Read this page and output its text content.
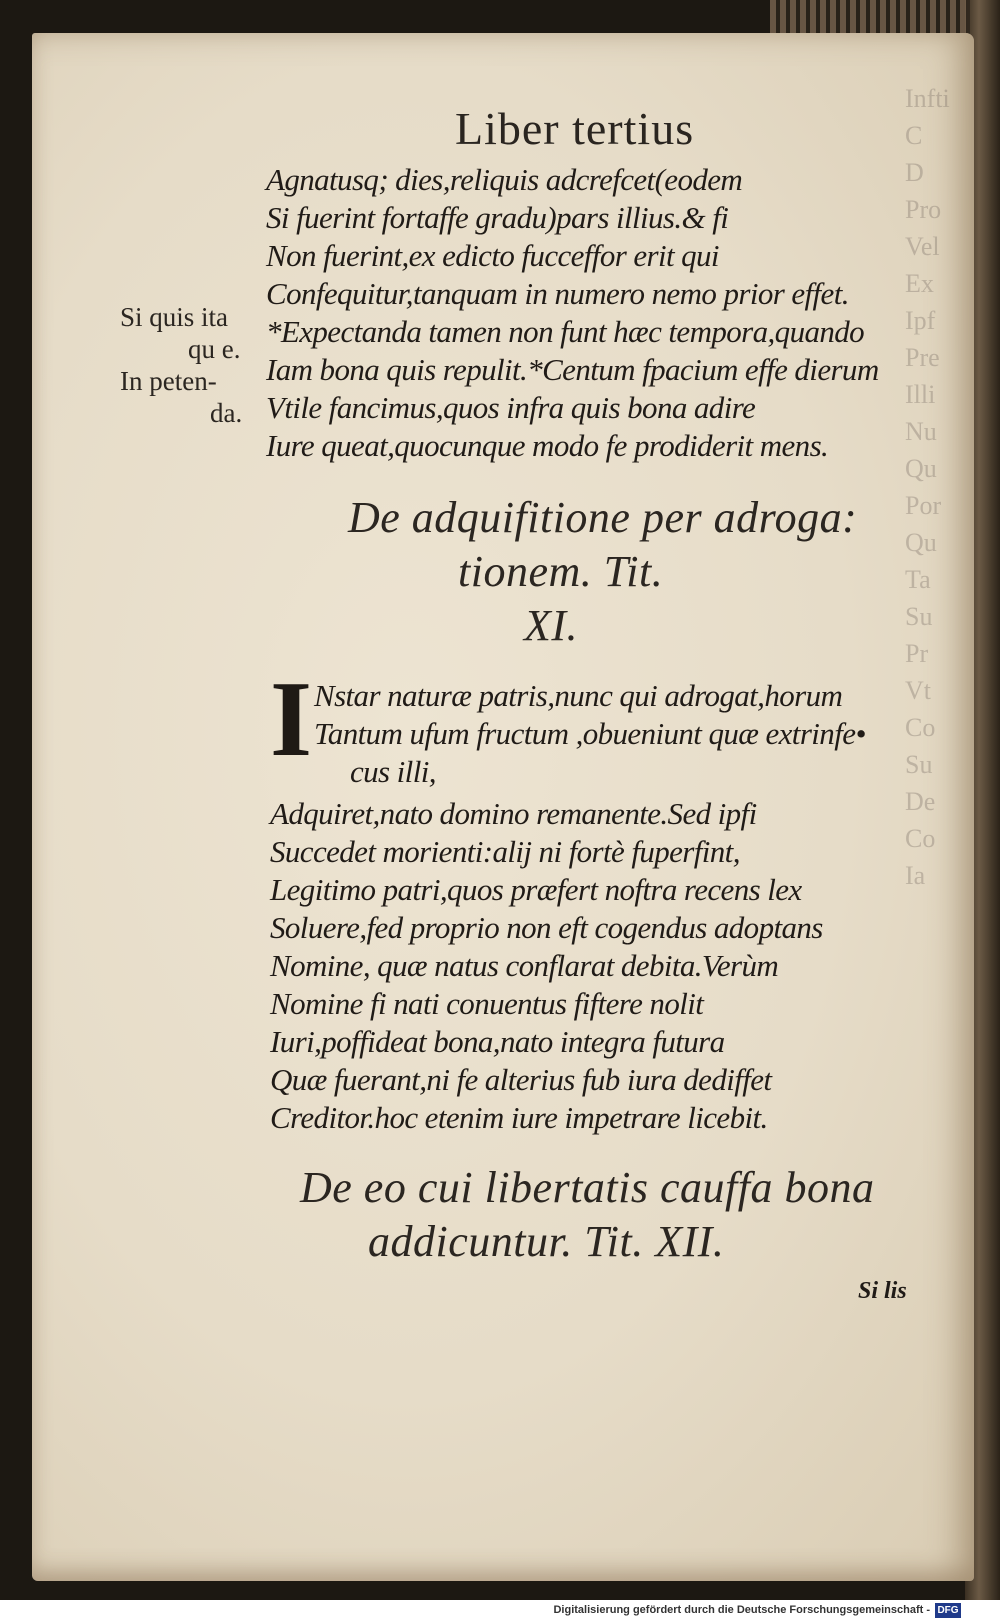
Infti
C
D
Pro
Vel
Ex
Ipf
Pre
Illi
Nu
Qu
Por
Qu
Ta
Su
Pr
Vt
Co
Su
De
Co
Ia
Liber tertius
Agnatusq; dies,reliquis adcrefcet(eodem
Si fuerint fortaffe gradu)pars illius.& fi
Non fuerint,ex edicto fucceffor erit qui
Confequitur,tanquam in numero nemo prior effet.
*Expectanda tamen non funt hæc tempora,quando
Iam bona quis repulit.*Centum fpacium effe dierum
Vtile fancimus,quos infra quis bona adire
Iure queat,quocunque modo fe prodiderit mens.
Si quis ita
qu e.
In peten-
da.
De adquifitione per adroga:
tionem. Tit.
XI.
I Nstar naturæ patris,nunc qui adrogat,horum
Tantum ufum fructum ,obueniunt quæ extrinfe•
cus illi,
Adquiret,nato domino remanente.Sed ipfi
Succedet morienti:alij ni fortè fuperfint,
Legitimo patri,quos præfert noftra recens lex
Soluere,fed proprio non eft cogendus adoptans
Nomine, quæ natus conflarat debita.Verùm
Nomine fi nati conuentus fiftere nolit
Iuri,poffideat bona,nato integra futura
Quæ fuerant,ni fe alterius fub iura dediffet
Creditor.hoc etenim iure impetrare licebit.
De eo cui libertatis cauffa bona
addicuntur. Tit. XII.
Si lis
Digitalisierung gefördert durch die Deutsche Forschungsgemeinschaft - DFG
